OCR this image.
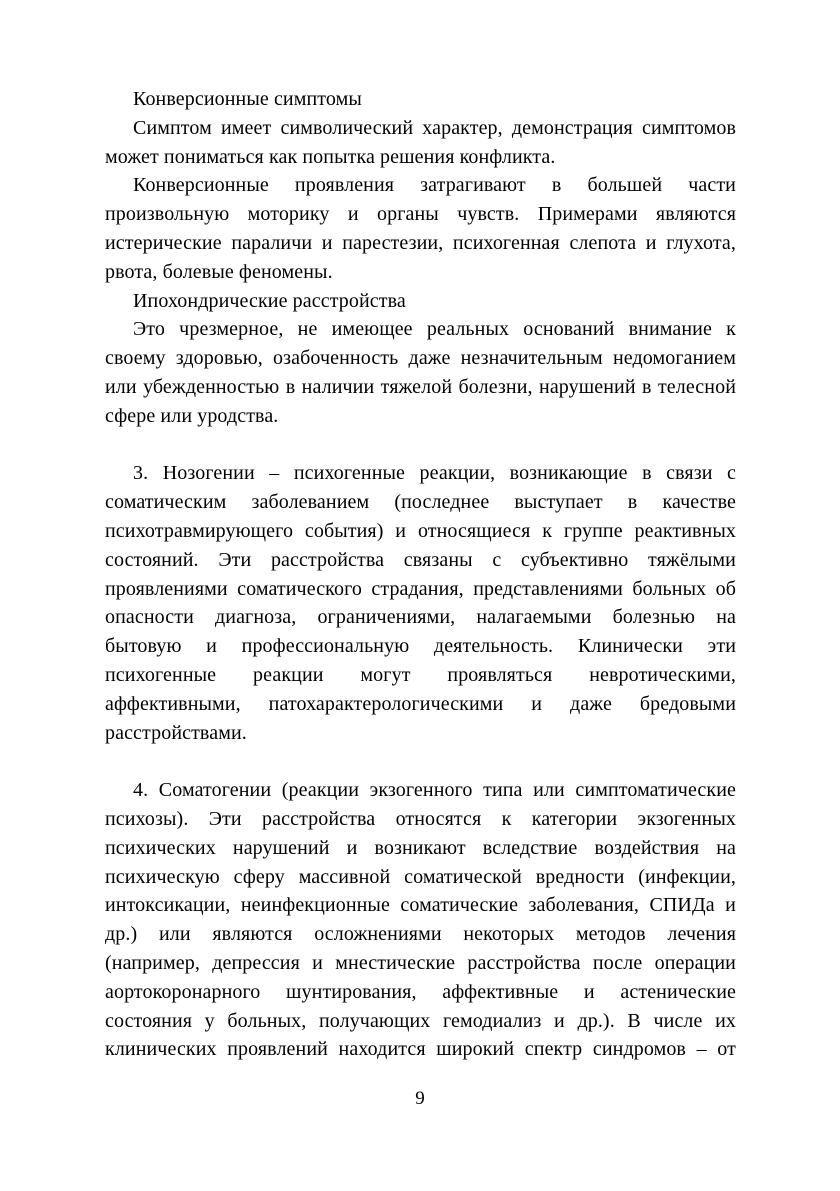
Конверсионные симптомы

Симптом имеет символический характер, демонстрация симптомов может пониматься как попытка решения конфликта.

Конверсионные проявления затрагивают в большей части произвольную моторику и органы чувств. Примерами являются истерические параличи и парестезии, психогенная слепота и глухота, рвота, болевые феномены.

Ипохондрические расстройства

Это чрезмерное, не имеющее реальных оснований внимание к своему здоровью, озабоченность даже незначительным недомоганием или убежденностью в наличии тяжелой болезни, нарушений в телесной сфере или уродства.

3. Нозогении – психогенные реакции, возникающие в связи с соматическим заболеванием (последнее выступает в качестве психотравмирующего события) и относящиеся к группе реактивных состояний. Эти расстройства связаны с субъективно тяжёлыми проявлениями соматического страдания, представлениями больных об опасности диагноза, ограничениями, налагаемыми болезнью на бытовую и профессиональную деятельность. Клинически эти психогенные реакции могут проявляться невротическими, аффективными, патохарактерологическими и даже бредовыми расстройствами.

4. Соматогении (реакции экзогенного типа или симптоматические психозы). Эти расстройства относятся к категории экзогенных психических нарушений и возникают вследствие воздействия на психическую сферу массивной соматической вредности (инфекции, интоксикации, неинфекционные соматические заболевания, СПИДа и др.) или являются осложнениями некоторых методов лечения (например, депрессия и мнестические расстройства после операции аортокоронарного шунтирования, аффективные и астенические состояния у больных, получающих гемодиализ и др.). В числе их клинических проявлений находится широкий спектр синдромов – от

9
